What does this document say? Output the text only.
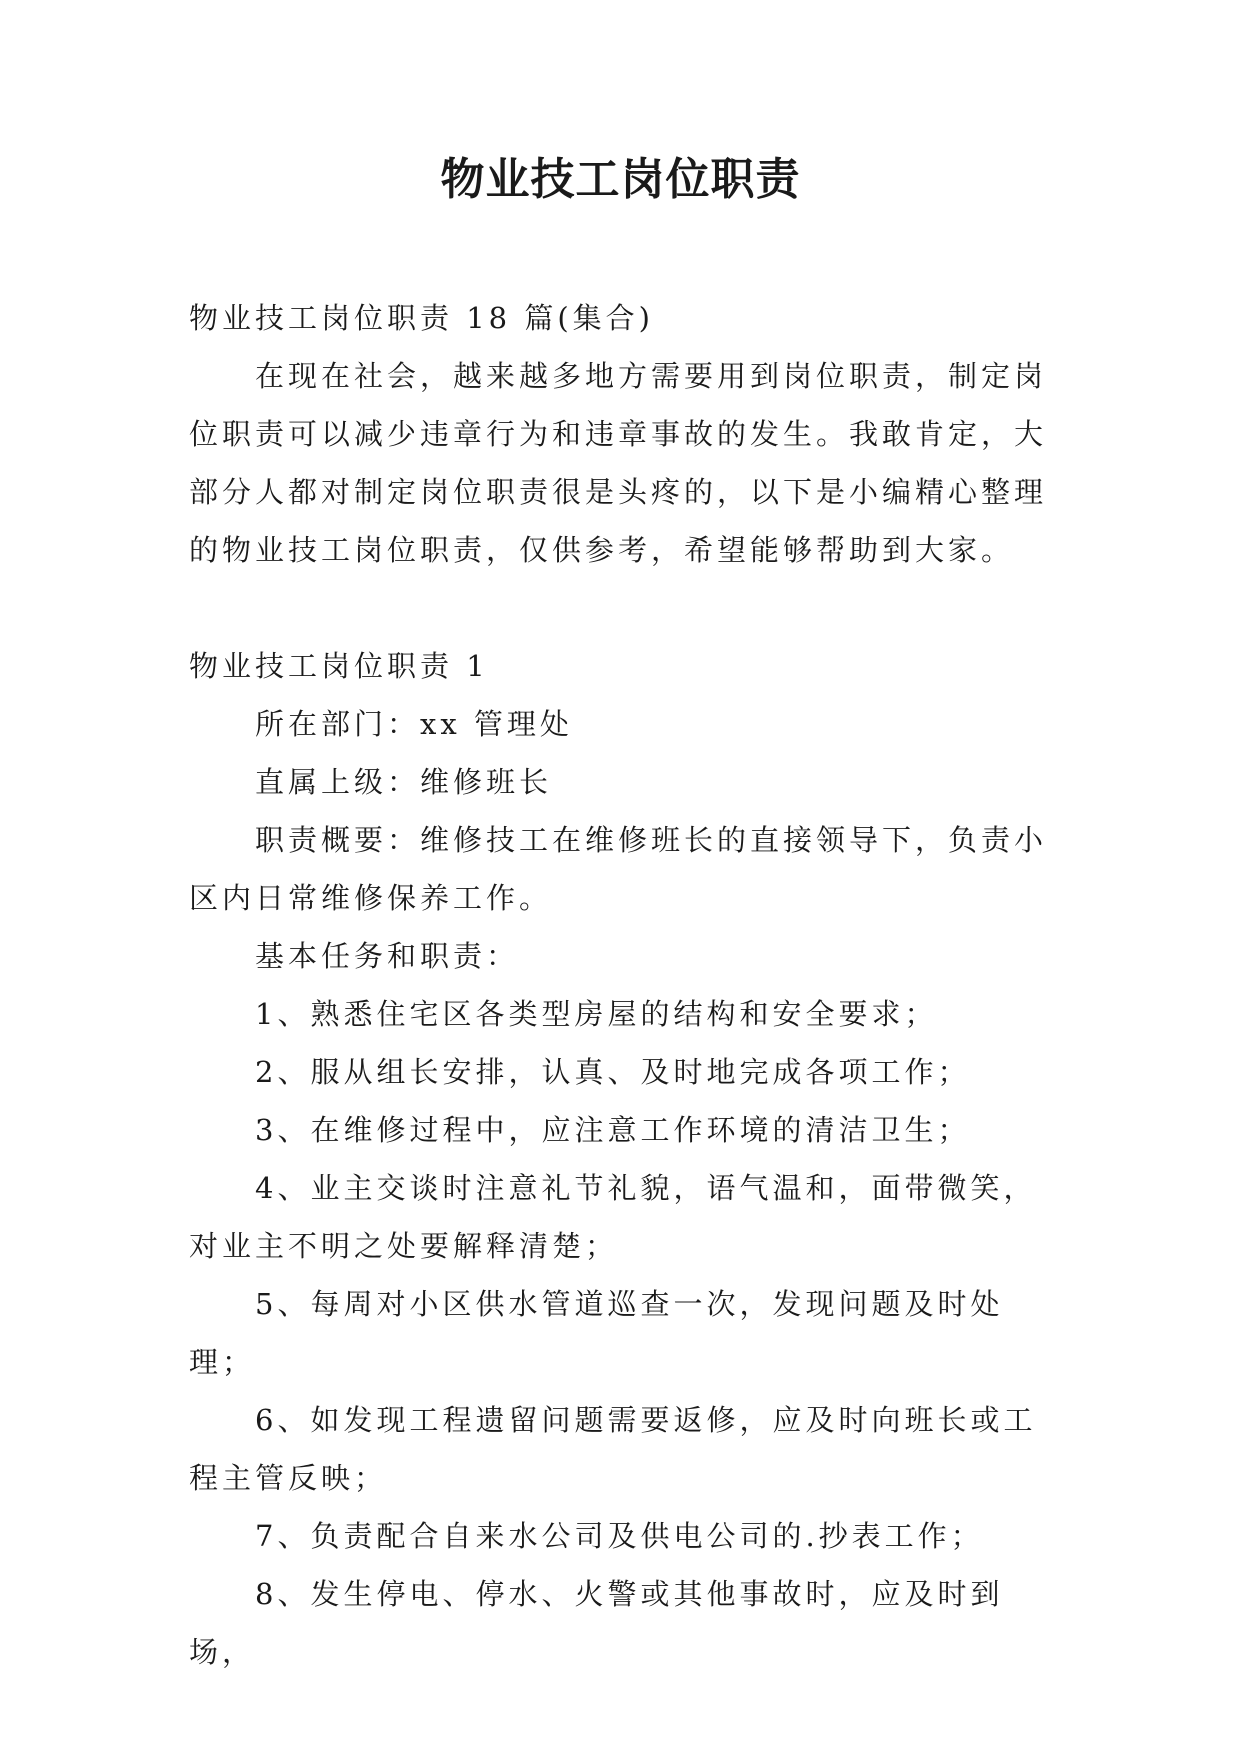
物业技工岗位职责

物业技工岗位职责 18 篇(集合)

在现在社会，越来越多地方需要用到岗位职责，制定岗位职责可以减少违章行为和违章事故的发生。我敢肯定，大部分人都对制定岗位职责很是头疼的，以下是小编精心整理的物业技工岗位职责，仅供参考，希望能够帮助到大家。

物业技工岗位职责 1

所在部门：xx 管理处

直属上级：维修班长

职责概要：维修技工在维修班长的直接领导下，负责小区内日常维修保养工作。

基本任务和职责：

1、熟悉住宅区各类型房屋的结构和安全要求；

2、服从组长安排，认真、及时地完成各项工作；

3、在维修过程中，应注意工作环境的清洁卫生；

4、业主交谈时注意礼节礼貌，语气温和，面带微笑，对业主不明之处要解释清楚；

5、每周对小区供水管道巡查一次，发现问题及时处理；

6、如发现工程遗留问题需要返修，应及时向班长或工程主管反映；

7、负责配合自来水公司及供电公司的.抄表工作；

8、发生停电、停水、火警或其他事故时，应及时到场，
